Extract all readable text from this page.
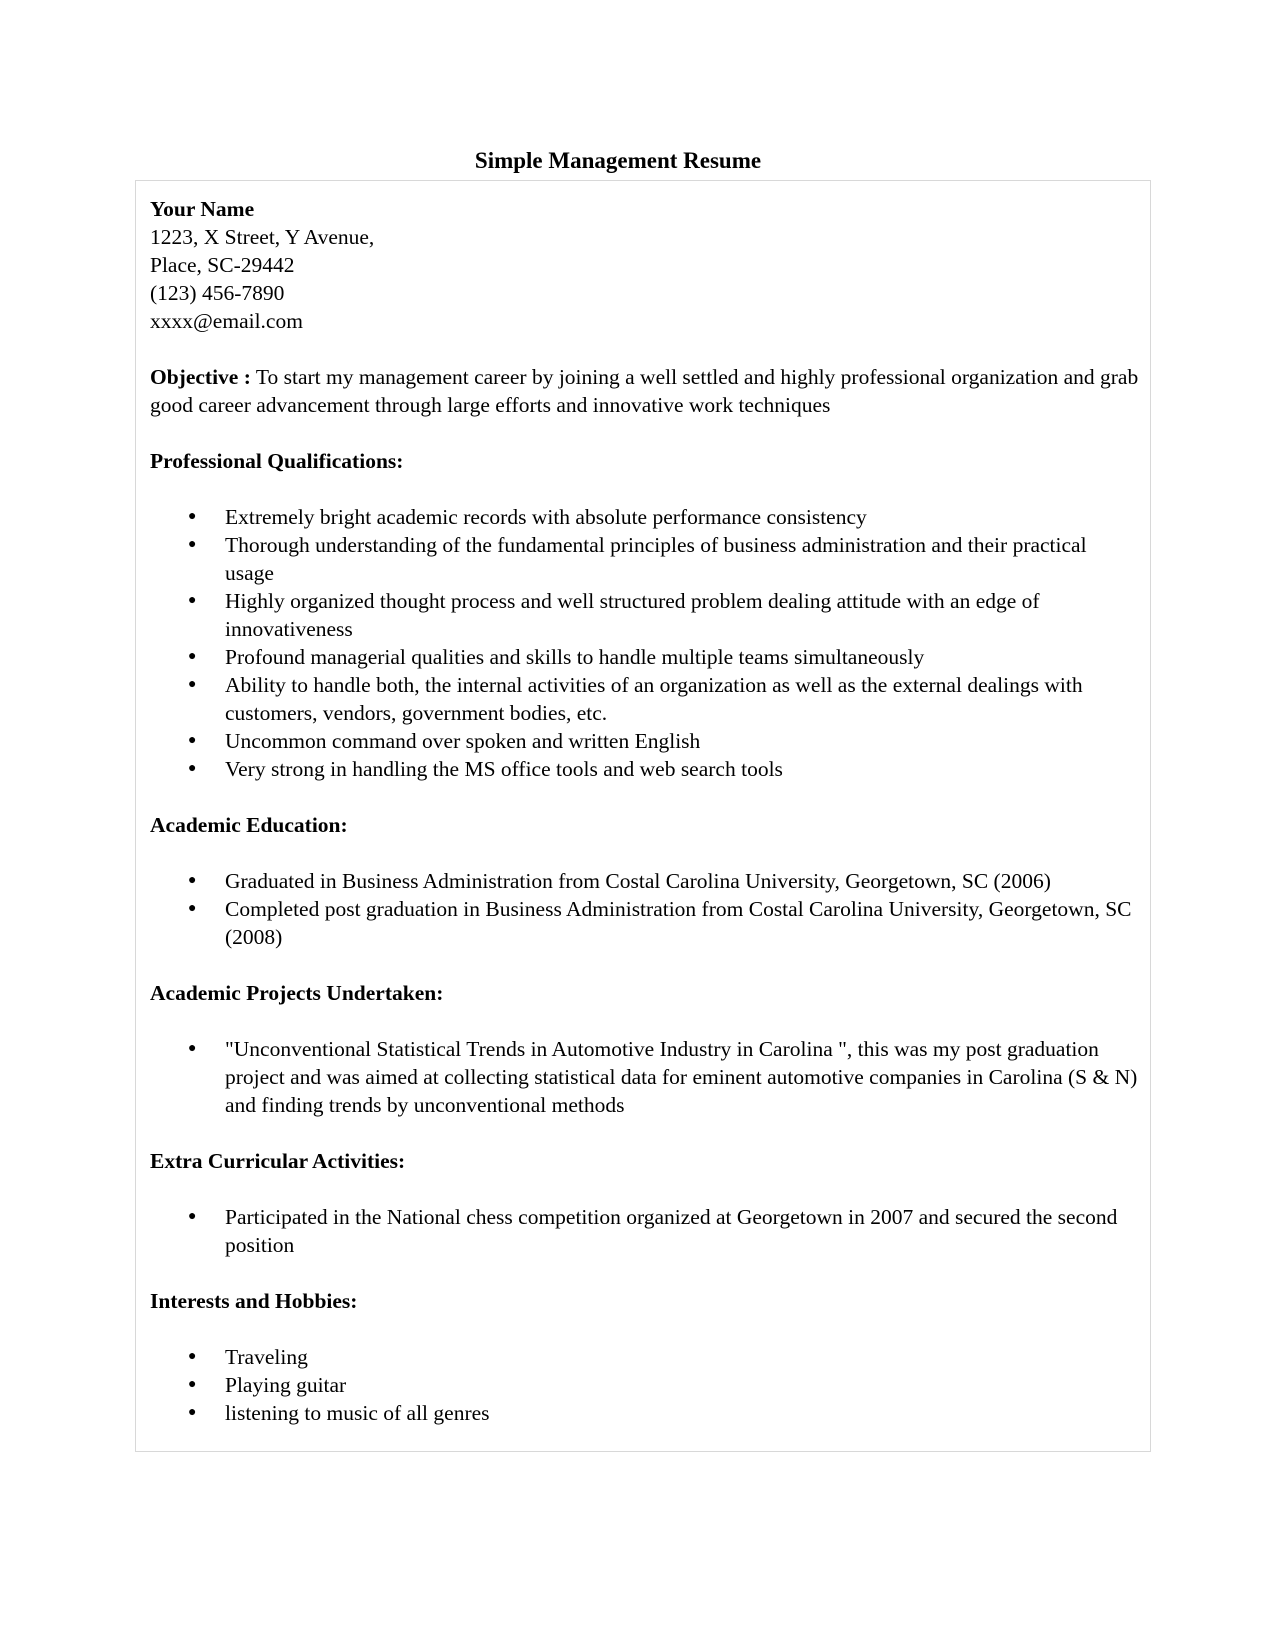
Simple Management Resume

Your Name

1223, X Street, Y Avenue,

Place, SC-29442

(123) 456-7890

xxxx@email.com

Objective : To start my management career by joining a well settled and highly professional organization and grab good career advancement through large efforts and innovative work techniques

Professional Qualifications:

● Extremely bright academic records with absolute performance consistency
● Thorough understanding of the fundamental principles of business administration and their practical usage
● Highly organized thought process and well structured problem dealing attitude with an edge of innovativeness
● Profound managerial qualities and skills to handle multiple teams simultaneously
● Ability to handle both, the internal activities of an organization as well as the external dealings with customers, vendors, government bodies, etc.
● Uncommon command over spoken and written English
● Very strong in handling the MS office tools and web search tools

Academic Education:

● Graduated in Business Administration from Costal Carolina University, Georgetown, SC (2006)
● Completed post graduation in Business Administration from Costal Carolina University, Georgetown, SC (2008)

Academic Projects Undertaken:

● "Unconventional Statistical Trends in Automotive Industry in Carolina ", this was my post graduation project and was aimed at collecting statistical data for eminent automotive companies in Carolina (S & N) and finding trends by unconventional methods

Extra Curricular Activities:

● Participated in the National chess competition organized at Georgetown in 2007 and secured the second position

Interests and Hobbies:

● Traveling
● Playing guitar
● listening to music of all genres
